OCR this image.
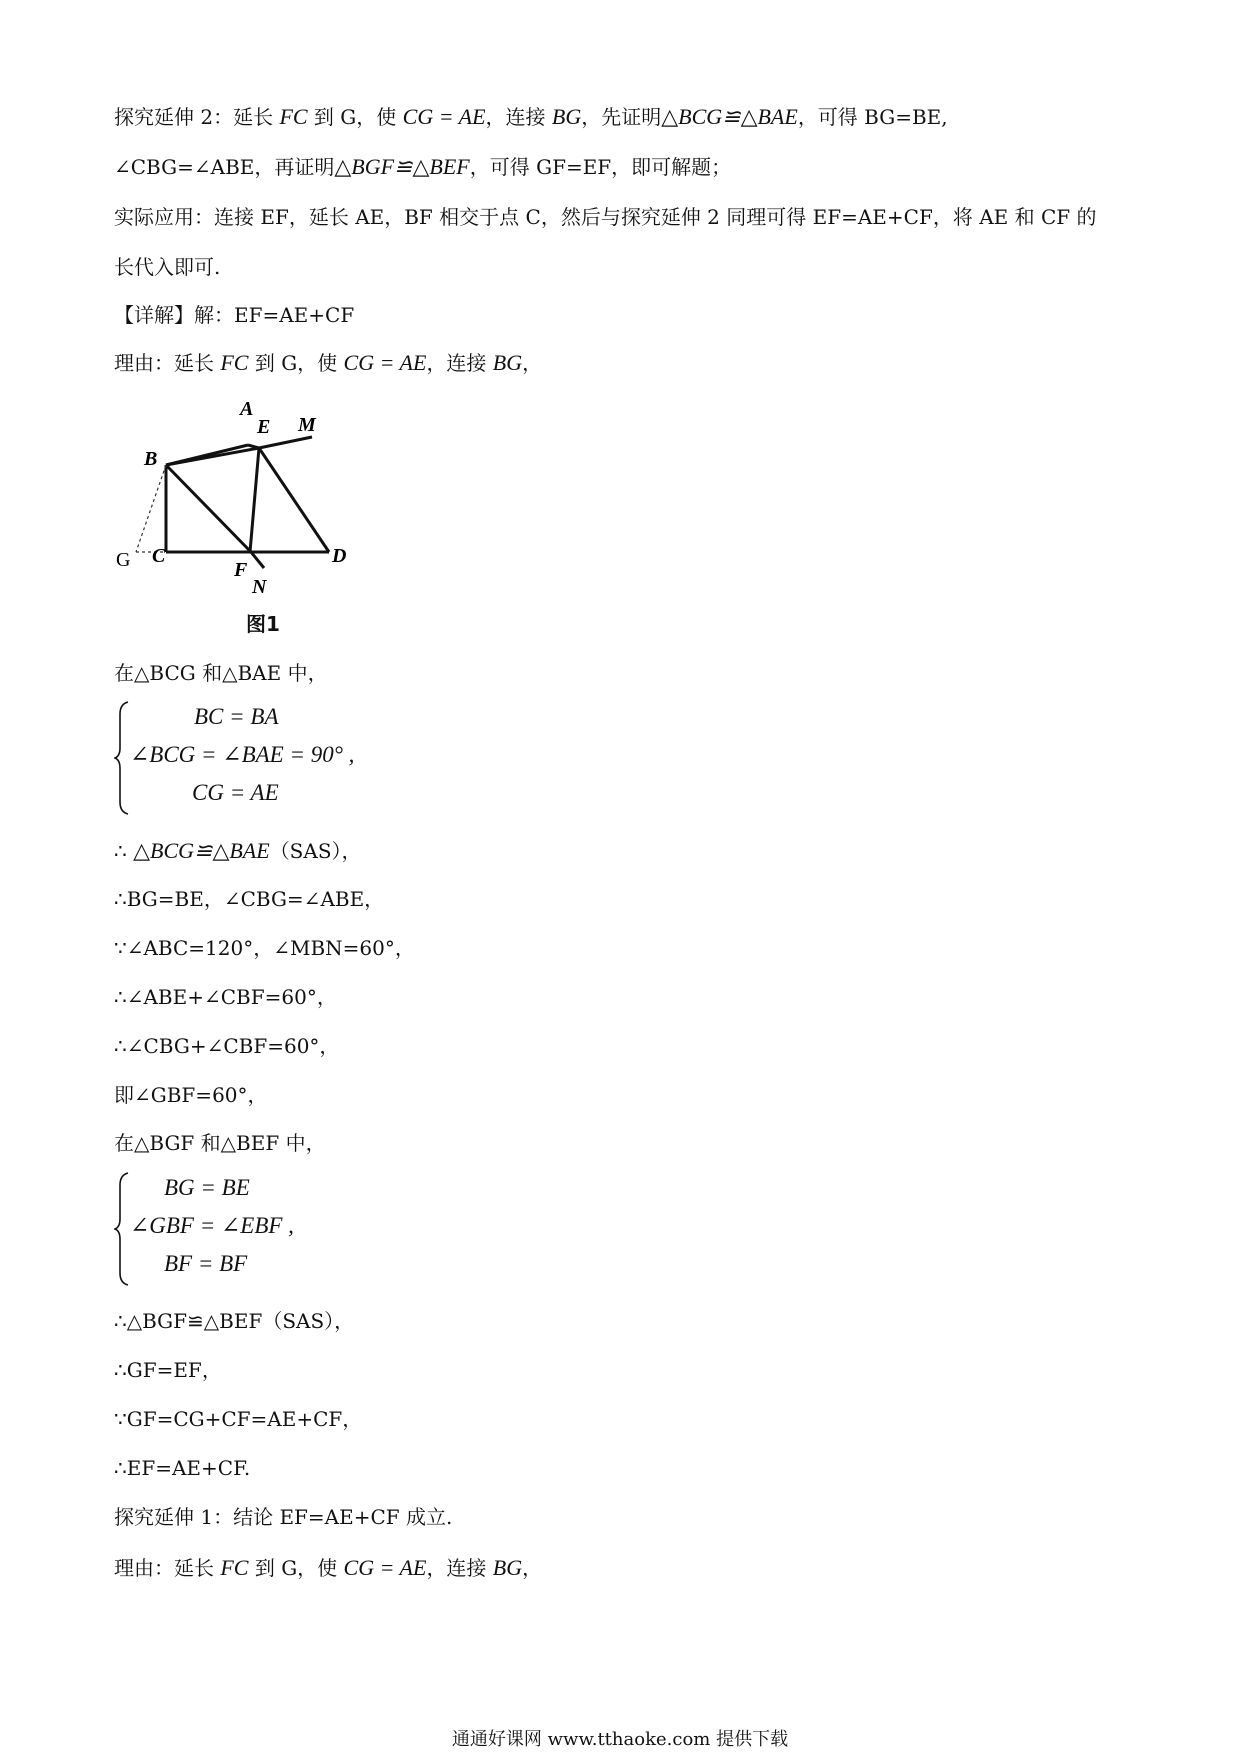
探究延伸 2：延长 FC 到 G，使 CG = AE，连接 BG，先证明△BCG≌△BAE，可得 BG=BE,
∠CBG=∠ABE，再证明△BGF≌△BEF，可得 GF=EF，即可解题；
实际应用：连接 EF，延长 AE，BF 相交于点 C，然后与探究延伸 2 同理可得 EF=AE+CF，将 AE 和 CF 的
长代入即可.
【详解】解：EF=AE+CF
理由：延长 FC 到 G，使 CG = AE，连接 BG，
A
B
C	D
E
F
G
M
N
图1
在△BCG 和△BAE 中，
BC = BA
∠BCG = ∠BAE = 90° ,
CG = AE
∴ △BCG≌△BAE（SAS），
∴BG=BE，∠CBG=∠ABE，
∵∠ABC=120°，∠MBN=60°，
∴∠ABE+∠CBF=60°，
∴∠CBG+∠CBF=60°，
即∠GBF=60°，
在△BGF 和△BEF 中，
BG = BE
∠GBF = ∠EBF ,
BF = BF
∴△BGF≌△BEF（SAS），
∴GF=EF，
∵GF=CG+CF=AE+CF，
∴EF=AE+CF.
探究延伸 1：结论 EF=AE+CF 成立.
理由：延长 FC 到 G，使 CG = AE，连接 BG，
通通好课网 www.tthaoke.com 提供下载
